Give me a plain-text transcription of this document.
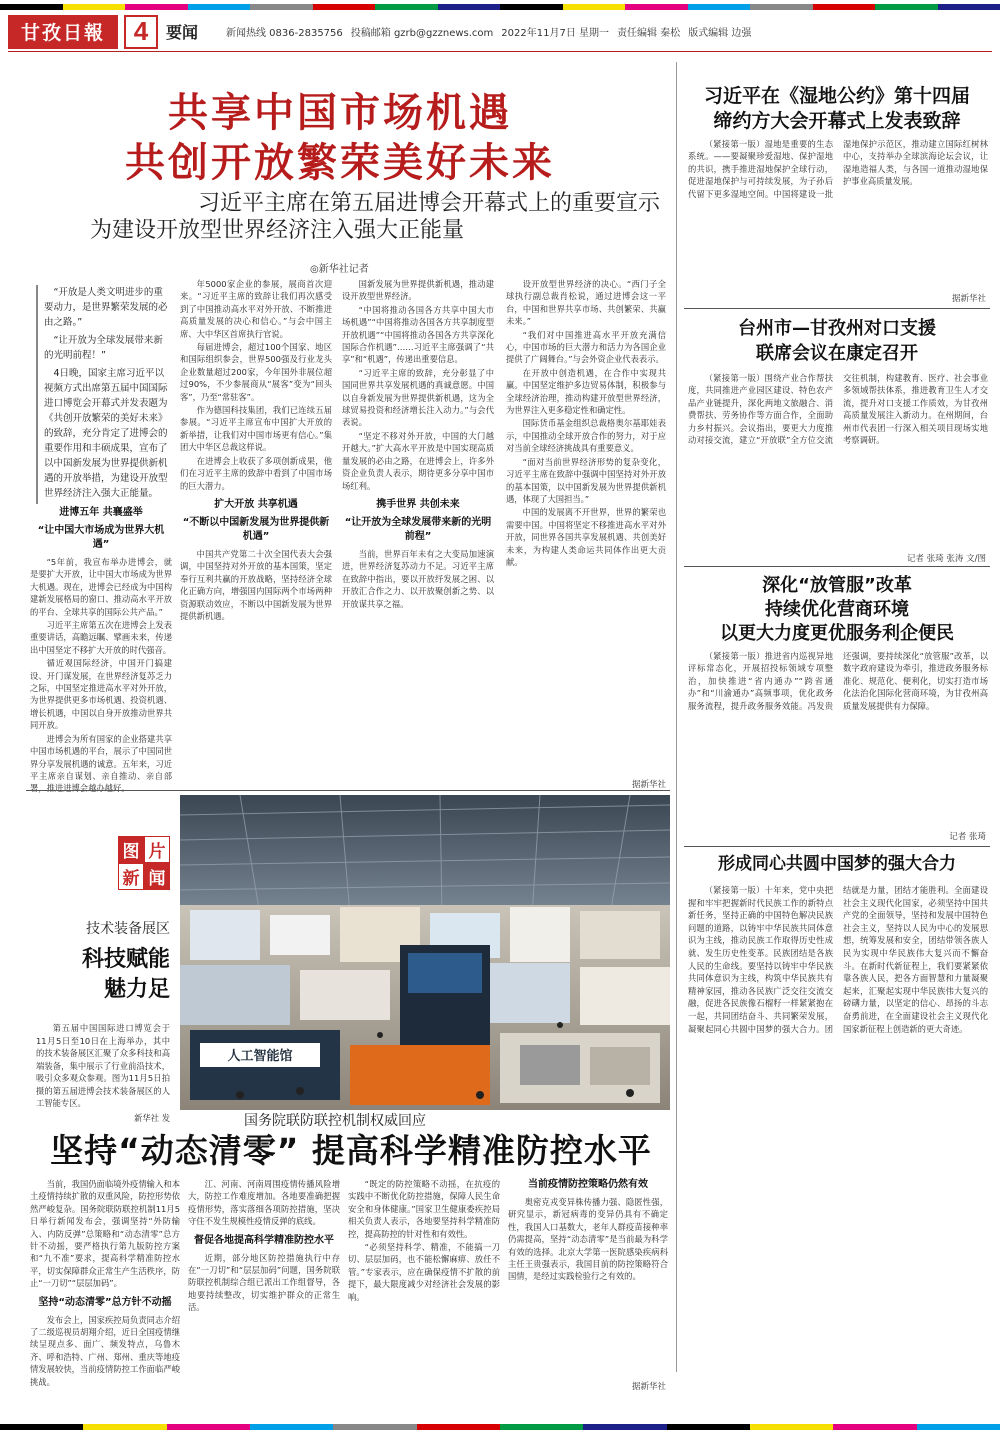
甘孜日報	4	要闻	新闻热线 0836-2835756 投稿邮箱 gzrb@gzznews.com 2022年11月7日 星期一 责任编辑 秦松 版式编辑 边强
共享中国市场机遇
共创开放繁荣美好未来
习近平主席在第五届进博会开幕式上的重要宣示
为建设开放型世界经济注入强大正能量
◎新华社记者

“开放是人类文明进步的重要动力，是世界繁荣发展的必由之路。”

“让开放为全球发展带来新的光明前程！”

4日晚，国家主席习近平以视频方式出席第五届中国国际进口博览会开幕式并发表题为《共创开放繁荣的美好未来》的致辞，充分肯定了进博会的重要作用和丰硕成果，宣布了以中国新发展为世界提供新机遇的开放举措，为建设开放型世界经济注入强大正能量。

进博五年 共襄盛举
“让中国大市场成为世界大机遇”

“5年前，我宣布举办进博会，就是要扩大开放，让中国大市场成为世界大机遇。现在，进博会已经成为中国构建新发展格局的窗口、推动高水平开放的平台、全球共享的国际公共产品。”

习近平主席第五次在进博会上发表重要讲话，高瞻远瞩、擘画未来，传递出中国坚定不移扩大开放的时代强音。

循近观国际经济，中国开门搞建设、开门谋发展，在世界经济复苏乏力之际，中国坚定推进高水平对外开放，为世界提供更多市场机遇、投资机遇、增长机遇，中国以自身开放推动世界共同开放。

进博会为所有国家的企业搭建共享中国市场机遇的平台，展示了中国同世界分享发展机遇的诚意。五年来，习近平主席亲自谋划、亲自推动、亲自部署，推进进博会越办越好。

年5000家企业的参展，展商首次迎来。“习近平主席的致辞让我们再次感受到了中国推动高水平对外开放、不断推进高质量发展的决心和信心。”与会中国主席、大中华区首席执行官说。

每届进博会，超过100个国家、地区和国际组织参会，世界500强及行业龙头企业数量超过200家，今年国外非展位超过90%，不少参展商从“展客”变为“回头客”，乃至“常驻客”。

作为德国科技集团，我们已连续五届参展。“习近平主席宣布中国扩大开放的新举措，让我们对中国市场更有信心。”集团大中华区总裁这样说。

在进博会上收获了多项创新成果，他们在习近平主席的致辞中看到了中国市场的巨大潜力。

扩大开放 共享机遇
“不断以中国新发展为世界提供新机遇”

中国共产党第二十次全国代表大会强调，中国坚持对外开放的基本国策，坚定奉行互利共赢的开放战略，坚持经济全球化正确方向，增强国内国际两个市场两种资源联动效应，不断以中国新发展为世界提供新机遇。

国新发展为世界提供新机遇，推动建设开放型世界经济。

“中国将推动各国各方共享中国大市场机遇”“中国将推动各国各方共享制度型开放机遇”“中国将推动各国各方共享深化国际合作机遇”……习近平主席强调了“共享”和“机遇”，传递出重要信息。

“习近平主席的致辞，充分彰显了中国同世界共享发展机遇的真诚意愿。中国以自身新发展为世界提供新机遇，这为全球贸易投资和经济增长注入动力。”与会代表说。

“坚定不移对外开放，中国的大门越开越大。”扩大高水平开放是中国实现高质量发展的必由之路，在进博会上，许多外资企业负责人表示，期待更多分享中国市场红利。

携手世界 共创未来
“让开放为全球发展带来新的光明前程”

当前，世界百年未有之大变局加速演进，世界经济复苏动力不足。习近平主席在致辞中指出，要以开放纾发展之困、以开放汇合作之力、以开放聚创新之势、以开放谋共享之福。

设开放型世界经济的决心。“西门子全球执行副总裁肖松说，通过进博会这一平台，中国和世界共享市场、共创繁荣、共赢未来。”

“我们对中国推进高水平开放充满信心，中国市场的巨大潜力和活力为各国企业提供了广阔舞台。”与会外资企业代表表示。

在开放中创造机遇，在合作中实现共赢。中国坚定维护多边贸易体制，积极参与全球经济治理，推动构建开放型世界经济，为世界注入更多稳定性和确定性。

国际货币基金组织总裁格奥尔基耶娃表示，中国推动全球开放合作的努力，对于应对当前全球经济挑战具有重要意义。

“面对当前世界经济形势的复杂变化，习近平主席在致辞中强调中国坚持对外开放的基本国策，以中国新发展为世界提供新机遇，体现了大国担当。”

中国的发展离不开世界，世界的繁荣也需要中国。中国将坚定不移推进高水平对外开放，同世界各国共享发展机遇、共创美好未来，为构建人类命运共同体作出更大贡献。

据新华社
习近平在《湿地公约》第十四届
缔约方大会开幕式上发表致辞

（紧接第一版）湿地是重要的生态系统。——要凝聚珍爱湿地、保护湿地的共识，携手推进湿地保护全球行动，促进湿地保护与可持续发展，为子孙后代留下更多湿地空间。中国将建设一批湿地保护示范区，推动建立国际红树林中心，支持举办全球滨海论坛会议，让湿地造福人类，与各国一道推动湿地保护事业高质量发展。

据新华社
台州市—甘孜州对口支援
联席会议在康定召开

（紧接第一版）围绕产业合作帮扶度，共同推进产业园区建设、特色农产品产业链提升，深化两地文旅融合、消费帮扶、劳务协作等方面合作，全面助力乡村振兴。会议指出，要更大力度推动对接交流，建立“开放联”全方位交流交往机制，构建教育、医疗、社会事业多领域帮扶体系，推进教育卫生人才交流，提升对口支援工作质效，为甘孜州高质量发展注入新动力。在州期间，台州市代表团一行深入相关项目现场实地考察调研。

记者 张琦 张涛 文/图
深化“放管服”改革
持续优化营商环境
以更大力度更优服务利企便民

（紧接第一版）推进省内巡视异地评标常态化，开展招投标领域专项整治，加快推进“省内通办”“跨省通办”和“川渝通办”高频事项，优化政务服务流程，提升政务服务效能。冯发贵还强调，要持续深化“放管服”改革，以数字政府建设为牵引，推进政务服务标准化、规范化、便利化，切实打造市场化法治化国际化营商环境，为甘孜州高质量发展提供有力保障。

记者 张琦
形成同心共圆中国梦的强大合力

（紧接第一版）十年来，党中央把握和牢牢把握新时代民族工作的新特点新任务，坚持正确的中国特色解决民族问题的道路，以铸牢中华民族共同体意识为主线，推动民族工作取得历史性成就、发生历史性变革。民族团结是各族人民的生命线。要坚持以铸牢中华民族共同体意识为主线，构筑中华民族共有精神家园，推动各民族广泛交往交流交融，促进各民族像石榴籽一样紧紧抱在一起，共同团结奋斗、共同繁荣发展，凝聚起同心共圆中国梦的强大合力。团结就是力量，团结才能胜利。全面建设社会主义现代化国家，必须坚持中国共产党的全面领导，坚持和发展中国特色社会主义，坚持以人民为中心的发展思想，统筹发展和安全，团结带领各族人民为实现中华民族伟大复兴而不懈奋斗。在新时代新征程上，我们要紧紧依靠各族人民，把各方面智慧和力量凝聚起来，汇聚起实现中华民族伟大复兴的磅礴力量，以坚定的信心、昂扬的斗志奋勇前进，在全面建设社会主义现代化国家新征程上创造新的更大奇迹。

图 片
新 闻
技术装备展区
科技赋能
魅力足
第五届中国国际进口博览会于11月5日至10日在上海举办，其中的技术装备展区汇聚了众多科技和高端装备，集中展示了行业前沿技术，吸引众多观众参观。图为11月5日拍摄的第五届进博会技术装备展区的人工智能专区。
新华社 发
人工智能馆
国务院联防联控机制权威回应
坚持“动态清零” 提高科学精准防控水平

当前，我国仍面临境外疫情输入和本土疫情持续扩散的双重风险，防控形势依然严峻复杂。国务院联防联控机制11月5日举行新闻发布会，强调坚持“外防输入、内防反弹”总策略和“动态清零”总方针不动摇，要严格执行第九版防控方案和“九不准”要求，提高科学精准防控水平，切实保障群众正常生产生活秩序，防止“一刀切”“层层加码”。

坚持“动态清零”总方针不动摇

发布会上，国家疾控局负责同志介绍了二级巡视员胡翔介绍，近日全国疫情继续呈现点多、面广、频发特点，乌鲁木齐、呼和浩特、广州、郑州、重庆等地疫情发展较快，当前疫情防控工作面临严峻挑战。

江、河南、河南周围疫情传播风险增大，防控工作难度增加。各地要准确把握疫情形势，落实落细各项防控措施，坚决守住不发生规模性疫情反弹的底线。

督促各地提高科学精准防控水平

近期，部分地区防控措施执行中存在“一刀切”和“层层加码”问题，国务院联防联控机制综合组已派出工作组督导，各地要持续整改，切实维护群众的正常生活。

“既定的防控策略不动摇，在抗疫的实践中不断优化防控措施，保障人民生命安全和身体健康。”国家卫生健康委疾控局相关负责人表示，各地要坚持科学精准防控，提高防控的针对性和有效性。

“必须坚持科学、精准，不能搞一刀切、层层加码，也不能松懈麻痹、放任不管。”专家表示，应在确保疫情不扩散的前提下，最大限度减少对经济社会发展的影响。

当前疫情防控策略仍然有效

奥密克戎变异株传播力强、隐匿性强，研究显示，新冠病毒的变异仍具有不确定性，我国人口基数大，老年人群疫苗接种率仍需提高，坚持“动态清零”是当前最为科学有效的选择。北京大学第一医院感染疾病科主任王贵强表示，我国目前的防控策略符合国情，是经过实践检验行之有效的。

据新华社
